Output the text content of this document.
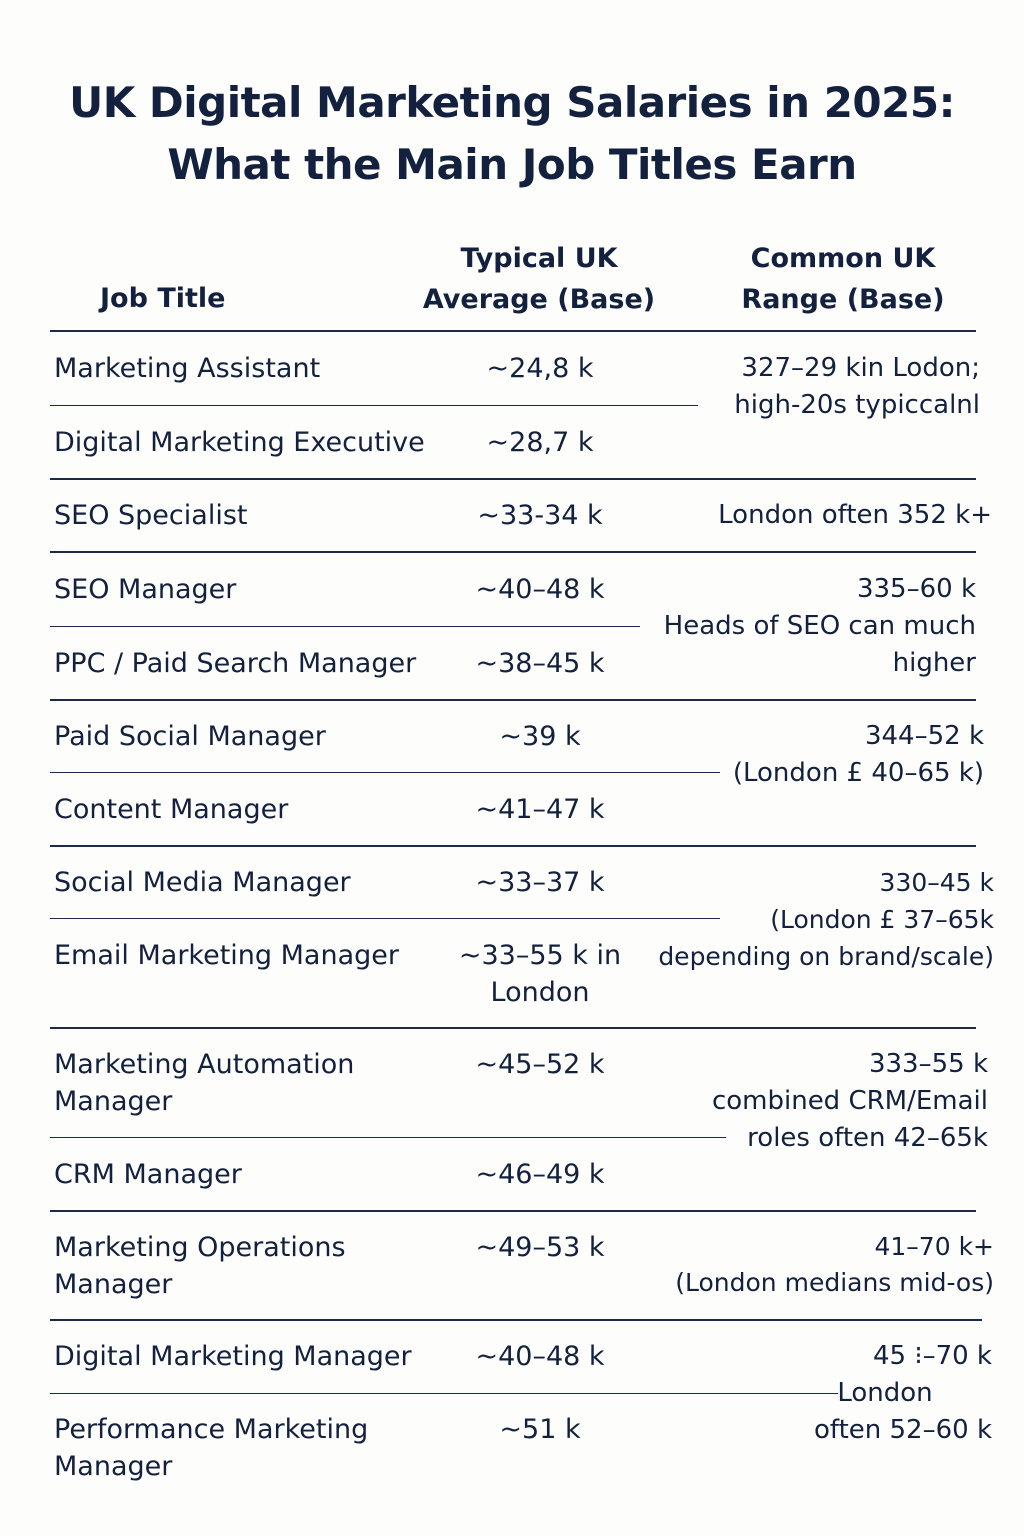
UK Digital Marketing Salaries in 2025:
What the Main Job Titles Earn
Job Title
Typical UK
Average (Base)
Common UK
Range (Base)
Marketing Assistant
Digital Marketing Executive
SEO Specialist
SEO Manager
PPC / Paid Search Manager
Paid Social Manager
Content Manager
Social Media Manager
Email Marketing Manager
Marketing Automation
Manager
CRM Manager
Marketing Operations
Manager
Digital Marketing Manager
Performance Marketing
Manager
~24,8 k
~28,7 k
~33-34 k
~40–48 k
~38–45 k
~39 k
~41–47 k
~33–37 k
~33–55 k in
London
~45–52 k
~46–49 k
~49–53 k
~40–48 k
~51 k
327–29 kin Lodon;
high-20s typiccalnl
London often 352 k+
335–60 k
Heads of SEO can much
higher
344–52 k
(London £ 40–65 k)
330–45 k
(London £ 37–65k
depending on brand/scale)
333–55 k
combined CRM/Email
roles often 42–65k
41–70 k+
(London medians mid-os)
45 ⁝–70 k
London
often 52–60 k
